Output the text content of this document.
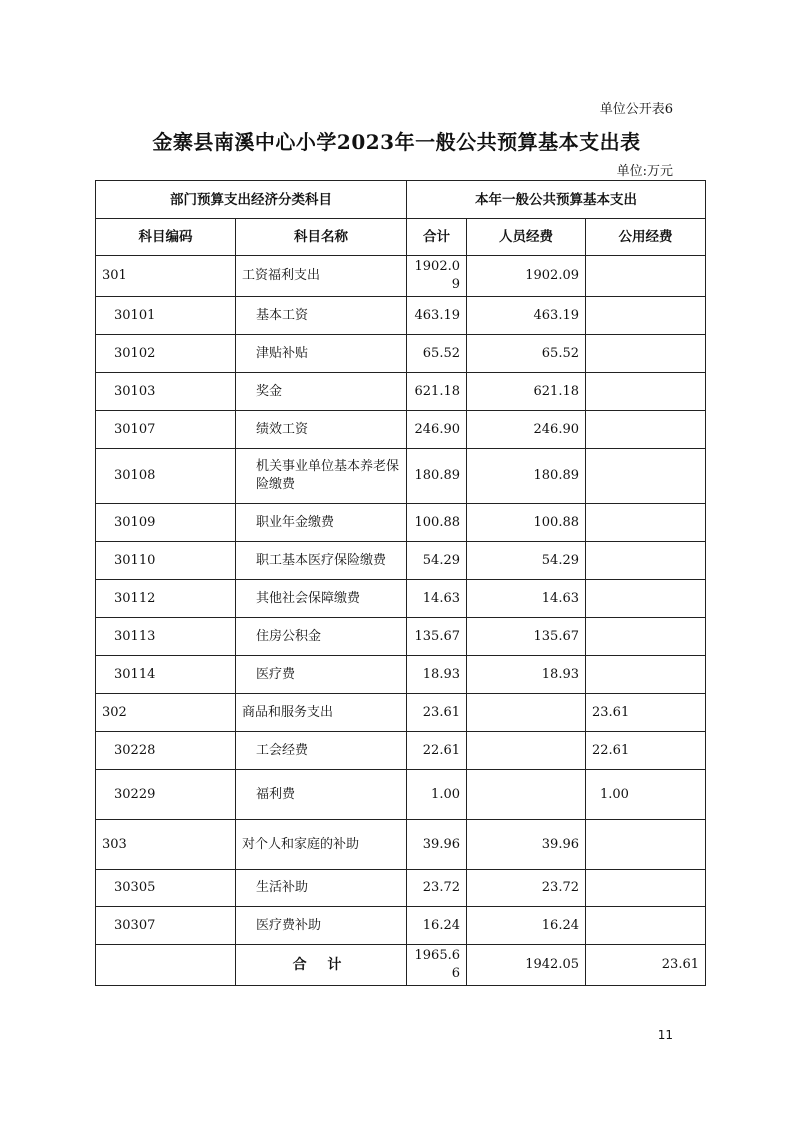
单位公开表6
金寨县南溪中心小学2023年一般公共预算基本支出表
单位:万元
部门预算支出经济分类科目		本年一般公共预算基本支出		
科目编码	科目名称	合计	人员经费	公用经费
301	工资福利支出	1902.09	1902.09	
30101	基本工资	463.19	463.19	
30102	津贴补贴	65.52	65.52	
30103	奖金	621.18	621.18	
30107	绩效工资	246.90	246.90	
30108	机关事业单位基本养老保险缴费	180.89	180.89	
30109	职业年金缴费	100.88	100.88	
30110	职工基本医疗保险缴费	54.29	54.29	
30112	其他社会保障缴费	14.63	14.63	
30113	住房公积金	135.67	135.67	
30114	医疗费	18.93	18.93	
302	商品和服务支出	23.61		23.61
30228	工会经费	22.61		22.61
30229	福利费	1.00		1.00
303	对个人和家庭的补助	39.96	39.96	
30305	生活补助	23.72	23.72	
30307	医疗费补助	16.24	16.24	
	合 计	1965.66	1942.05	23.61
11
